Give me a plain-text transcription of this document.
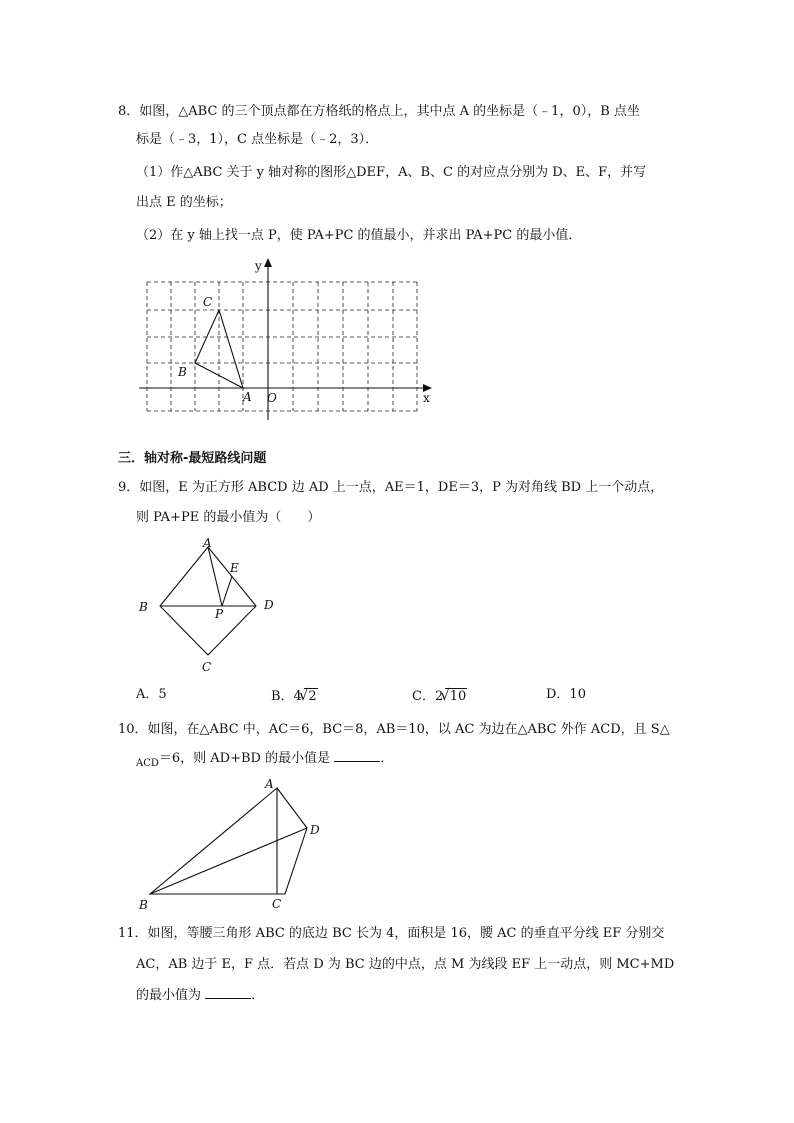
8．如图，△ABC 的三个顶点都在方格纸的格点上，其中点 A 的坐标是（﹣1，0），B 点坐
标是（﹣3，1），C 点坐标是（﹣2，3）．
（1）作△ABC 关于 y 轴对称的图形△DEF，A、B、C 的对应点分别为 D、E、F，并写
出点 E 的坐标；
（2）在 y 轴上找一点 P，使 PA+PC 的值最小，并求出 PA+PC 的最小值．
y
x
O
A
B
C
三．轴对称-最短路线问题
9．如图，E 为正方形 ABCD 边 AD 上一点，AE＝1，DE＝3，P 为对角线 BD 上一个动点，
则 PA+PE 的最小值为（　　）
A
B
C
D
E
P
A．5	B．4√2	C．2√10	D．10
10．如图，在△ABC 中，AC＝6，BC＝8，AB＝10，以 AC 为边在△ABC 外作 ACD，且 S△
$_{ACD}$＝6，则 AD+BD 的最小值是	．
A
B	C
D
11．如图，等腰三角形 ABC 的底边 BC 长为 4，面积是 16，腰 AC 的垂直平分线 EF 分别交
AC，AB 边于 E，F 点．若点 D 为 BC 边的中点，点 M 为线段 EF 上一动点，则 MC+MD
的最小值为	．
